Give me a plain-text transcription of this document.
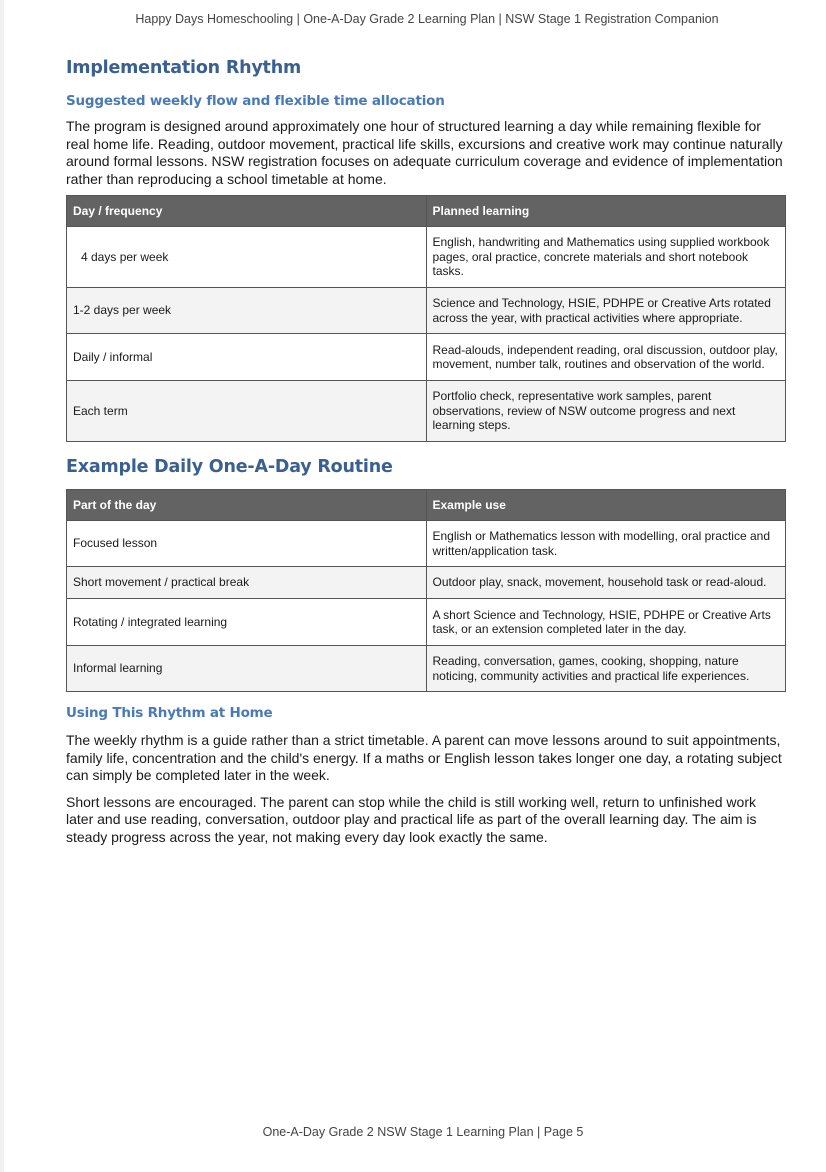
Happy Days Homeschooling | One-A-Day Grade 2 Learning Plan | NSW Stage 1 Registration Companion
Implementation Rhythm
Suggested weekly flow and flexible time allocation

The program is designed around approximately one hour of structured learning a day while remaining flexible for real home life. Reading, outdoor movement, practical life skills, excursions and creative work may continue naturally around formal lessons. NSW registration focuses on adequate curriculum coverage and evidence of implementation rather than reproducing a school timetable at home.

Day / frequency	Planned learning
4 days per week	English, handwriting and Mathematics using supplied workbook pages, oral practice, concrete materials and short notebook tasks.
1-2 days per week	Science and Technology, HSIE, PDHPE or Creative Arts rotated across the year, with practical activities where appropriate.
Daily / informal	Read-alouds, independent reading, oral discussion, outdoor play, movement, number talk, routines and observation of the world.
Each term	Portfolio check, representative work samples, parent observations, review of NSW outcome progress and next learning steps.
Example Daily One-A-Day Routine
Part of the day	Example use
Focused lesson	English or Mathematics lesson with modelling, oral practice and written/application task.
Short movement / practical break	Outdoor play, snack, movement, household task or read-aloud.
Rotating / integrated learning	A short Science and Technology, HSIE, PDHPE or Creative Arts task, or an extension completed later in the day.
Informal learning	Reading, conversation, games, cooking, shopping, nature noticing, community activities and practical life experiences.
Using This Rhythm at Home

The weekly rhythm is a guide rather than a strict timetable. A parent can move lessons around to suit appointments, family life, concentration and the child's energy. If a maths or English lesson takes longer one day, a rotating subject can simply be completed later in the week.

Short lessons are encouraged. The parent can stop while the child is still working well, return to unfinished work later and use reading, conversation, outdoor play and practical life as part of the overall learning day. The aim is steady progress across the year, not making every day look exactly the same.

One-A-Day Grade 2 NSW Stage 1 Learning Plan | Page 5
